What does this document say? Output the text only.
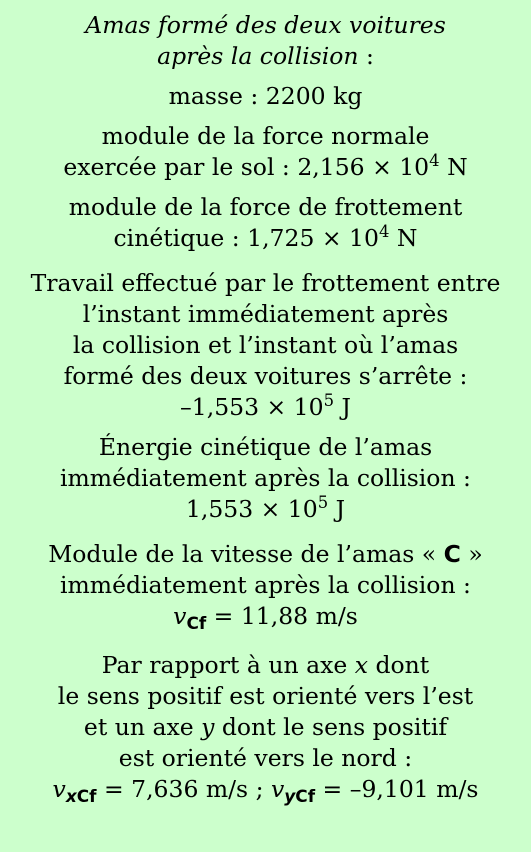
Amas formé des deux voitures
après la collision :
masse : 2200 kg
module de la force normale
exercée par le sol : $2,156 \times 10^4$ N
module de la force de frottement
cinétique : $1,725 \times 10^4$ N
Travail effectué par le frottement entre
l’instant immédiatement après
la collision et l’instant où l’amas
formé des deux voitures s’arrête :
$-1,553 \times 10^5$ J
Énergie cinétique de l’amas
immédiatement après la collision :
$1,553 \times 10^5$ J
Module de la vitesse de l’amas « C »
immédiatement après la collision :
$v_{Cf} = 11,88$ m/s
Par rapport à un axe x dont
le sens positif est orienté vers l’est
et un axe y dont le sens positif
est orienté vers le nord :
$v_{xCf} = 7,636$ m/s ; $v_{yCf} = -9,101$ m/s
